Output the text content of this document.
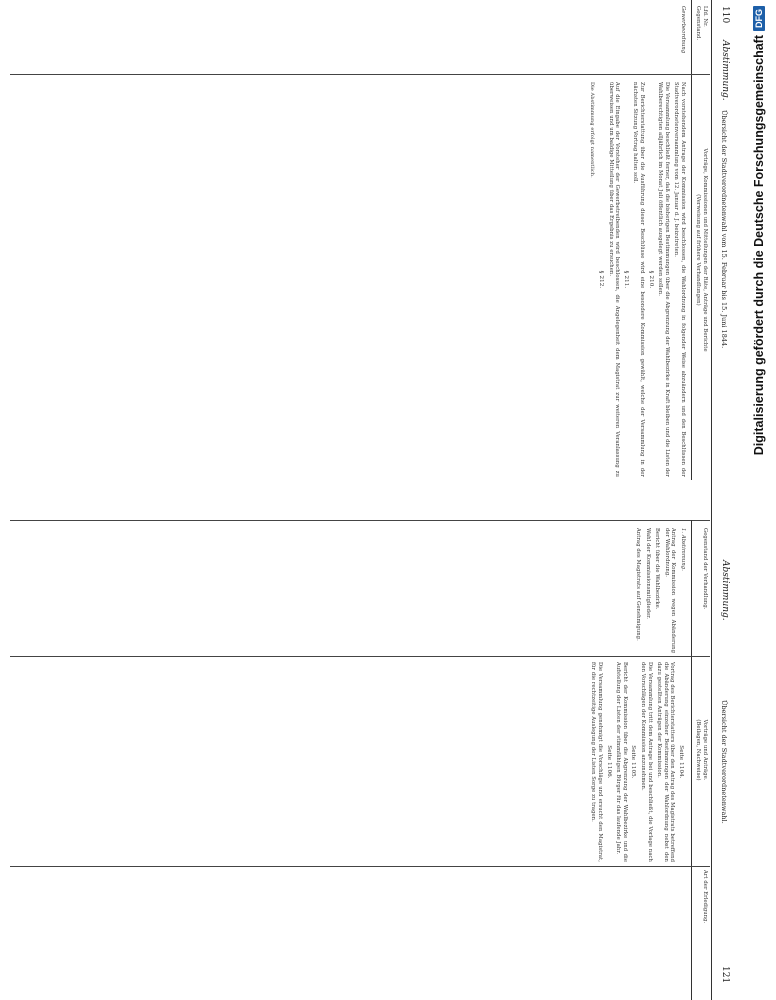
110
Abstimmung.
Übersicht der Stadtverordnetenwahl vom 15. Februar bis 15. Juni 1844.
Abstimmung.
Übersicht der Stadtverordnetenwahl.
121
Lfd. Nr.
Gegenstand.
Vorträge, Kommissionen und Mitteilungen der Räte, Anträge und Berichte
(Verweisung auf frühere Verhandlungen)
Gewerbeordnung

Nach vorstehendem Antrage der Kommission wird beschlossen, die Wahlordnung in folgender Weise abzuändern und den Beschlüssen der Stadtverordnetenversammlung vom 12. Januar d. J. beizutreten.

Die Versammlung beschließt ferner, daß die bisherigen Bestimmungen über die Abgrenzung der Wahlbezirke in Kraft bleiben und die Listen der Wahlberechtigten alljährlich im Monat Juli öffentlich ausgelegt werden sollen.

§ 210.

Zur Berichterstattung über die Ausführung dieser Beschlüsse wird eine besondere Kommission gewählt, welche der Versammlung in der nächsten Sitzung Vortrag halten soll.

§ 211.

Auf die Eingabe der Vorsteher der Gewerbetreibenden wird beschlossen, die Angelegenheit dem Magistrat zur weiteren Veranlassung zu überweisen und um baldige Mitteilung über das Ergebnis zu ersuchen.

§ 212.

Die Abstimmung erfolgt namentlich.

Gegenstand der Verhandlung.
Vorträge und Anträge.
(Beilagen, Nachweise)
Art der Erledigung.

1. Abstimmung.

Antrag der Kommission wegen Abänderung der Wahlordnung.

Bericht über die Wahlbezirke.

Wahl der Kommissionsmitglieder.

Antrag des Magistrats auf Genehmigung.

Seite 1104.

Vortrag des Berichterstatters über den Antrag des Magistrats betreffend die Abänderung einzelner Bestimmungen der Wahlordnung nebst den dazu gestellten Anträgen der Kommission.

Die Versammlung tritt dem Antrage bei und beschließt, die Vorlage nach den Vorschlägen der Kommission anzunehmen.

Seite 1105.

Bericht der Kommission über die Abgrenzung der Wahlbezirke und die Aufstellung der Listen der stimmfähigen Bürger für das laufende Jahr.

Seite 1106.

Die Versammlung genehmigt die Vorschläge und ersucht den Magistrat, für die rechtzeitige Auslegung der Listen Sorge zu tragen.

Digitalisierung gefördert durch die Deutsche Forschungsgemeinschaft
DFG
